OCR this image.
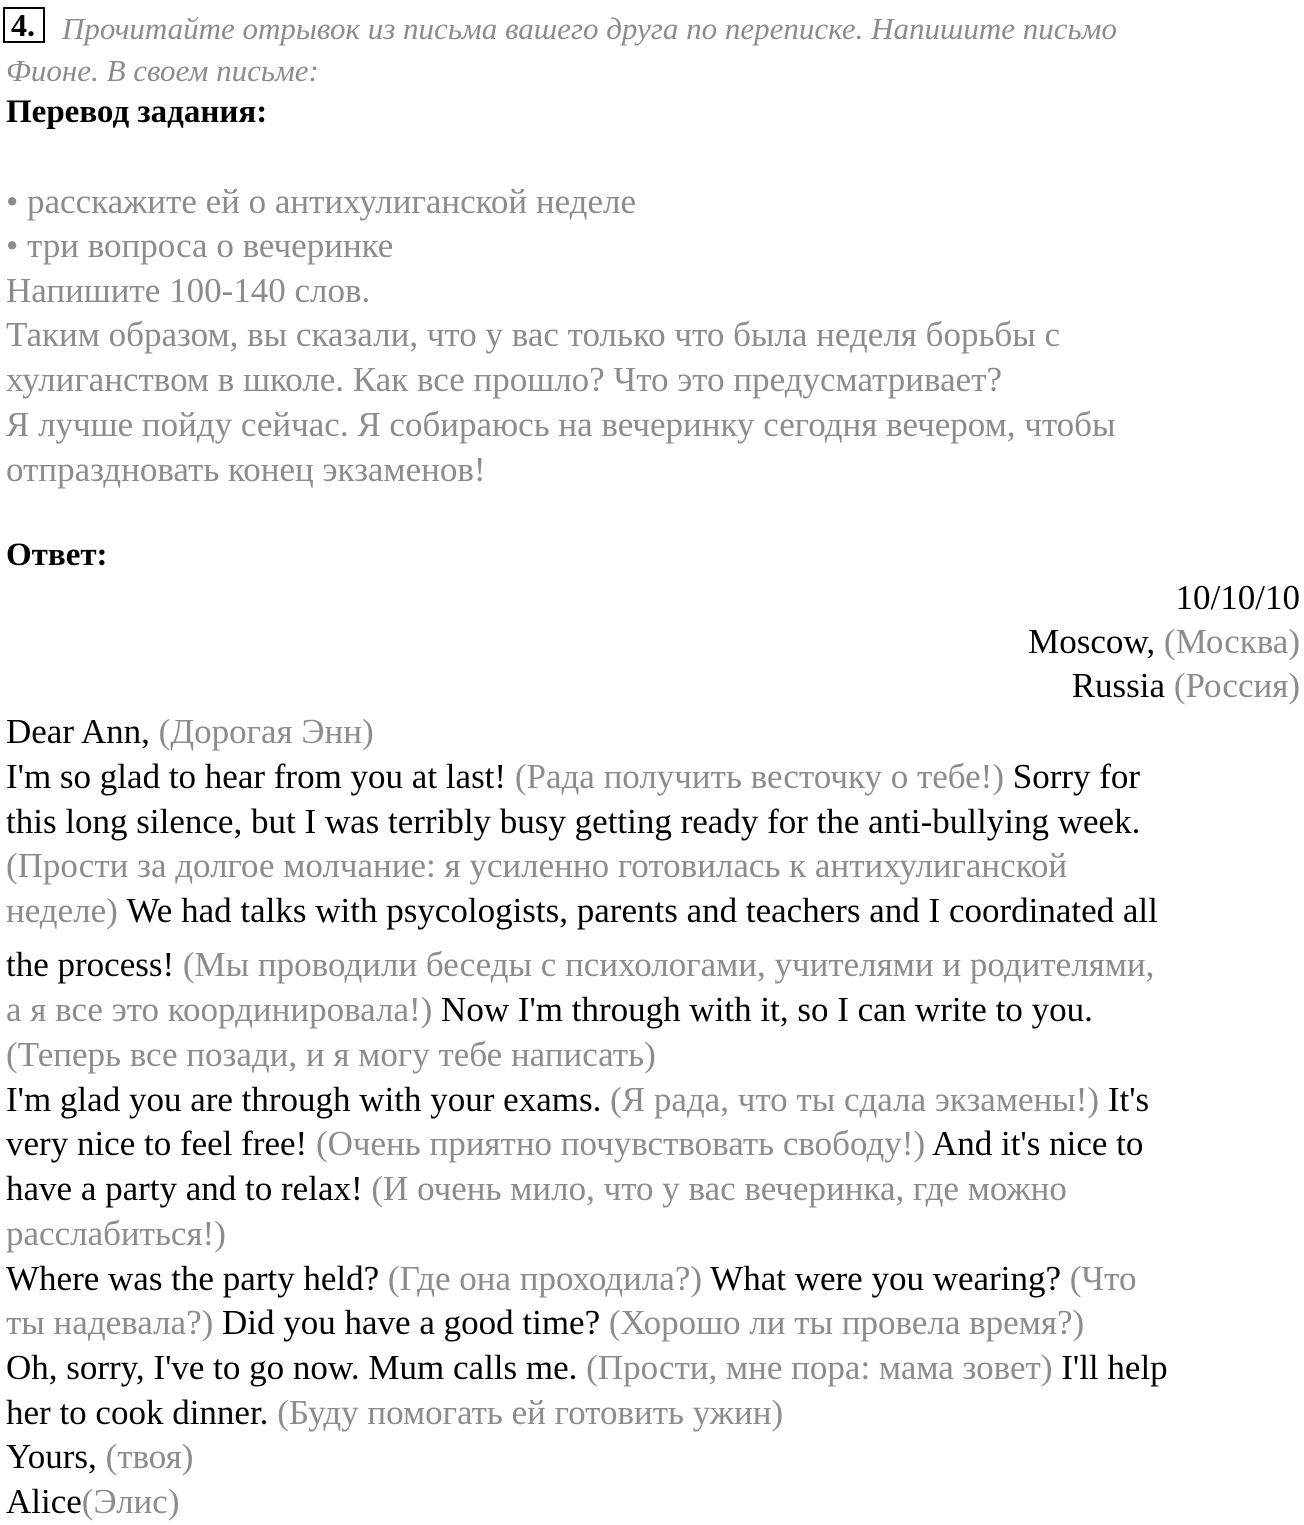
4. Прочитайте отрывок из письма вашего друга по переписке. Напишите письмо
Фионе. В своем письме:
Перевод задания:
• расскажите ей о антихулиганской неделе
• три вопроса о вечеринке
Напишите 100-140 слов.
Таким образом, вы сказали, что у вас только что была неделя борьбы с
хулиганством в школе. Как все прошло? Что это предусматривает?
Я лучше пойду сейчас. Я собираюсь на вечеринку сегодня вечером, чтобы
отпраздновать конец экзаменов!
Ответ:
10/10/10
Moscow, (Москва)
Russia (Россия)
Dear Ann, (Дорогая Энн)
I'm so glad to hear from you at last! (Рада получить весточку о тебе!) Sorry for
this long silence, but I was terribly busy getting ready for the anti-bullying week.
(Прости за долгое молчание: я усиленно готовилась к антихулиганской
неделе) We had talks with psycologists, parents and teachers and I coordinated all
the process! (Мы проводили беседы с психологами, учителями и родителями,
а я все это координировала!) Now I'm through with it, so I can write to you.
(Теперь все позади, и я могу тебе написать)
I'm glad you are through with your exams. (Я рада, что ты сдала экзамены!) It's
very nice to feel free! (Очень приятно почувствовать свободу!) And it's nice to
have a party and to relax! (И очень мило, что у вас вечеринка, где можно
расслабиться!)
Where was the party held? (Где она проходила?) What were you wearing? (Что
ты надевала?) Did you have a good time? (Хорошо ли ты провела время?)
Oh, sorry, I've to go now. Mum calls me. (Прости, мне пора: мама зовет) I'll help
her to cook dinner. (Буду помогать ей готовить ужин)
Yours, (твоя)
Alice(Элис)
